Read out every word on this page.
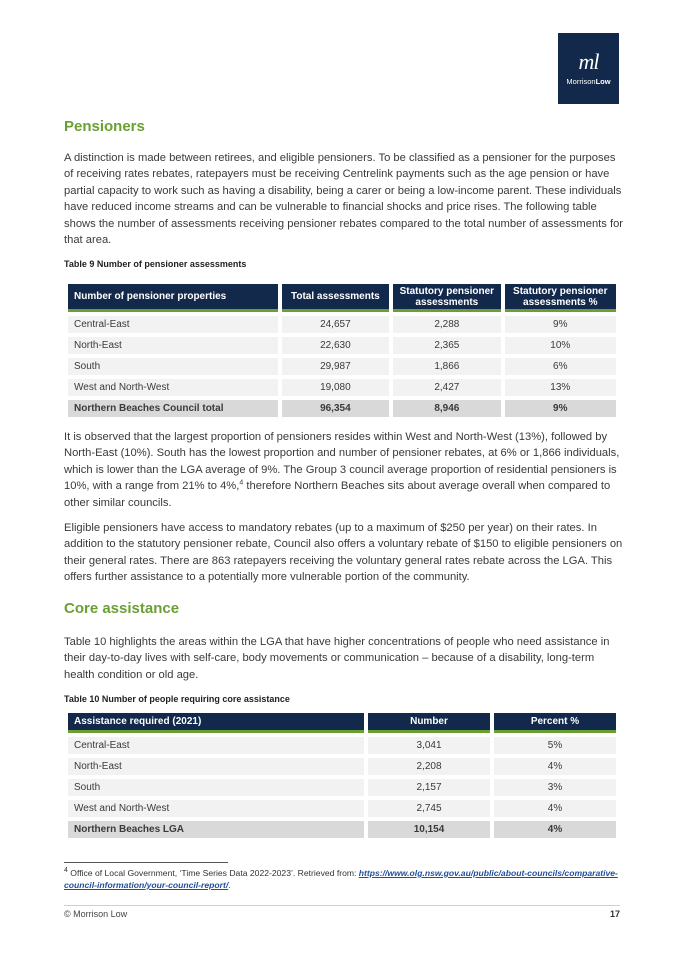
ml
MorrisonLow
Pensioners

A distinction is made between retirees, and eligible pensioners. To be classified as a pensioner for the purposes of receiving rates rebates, ratepayers must be receiving Centrelink payments such as the age pension or have partial capacity to work such as having a disability, being a carer or being a low-income parent. These individuals have reduced income streams and can be vulnerable to financial shocks and price rises. The following table shows the number of assessments receiving pensioner rebates compared to the total number of assessments for that area.

Table 9 Number of pensioner assessments
Number of pensioner properties	Total assessments	Statutory pensioner assessments	Statutory pensioner assessments %
Central-East	24,657	2,288	9%
North-East	22,630	2,365	10%
South	29,987	1,866	6%
West and North-West	19,080	2,427	13%
Northern Beaches Council total	96,354	8,946	9%

It is observed that the largest proportion of pensioners resides within West and North-West (13%), followed by North-East (10%). South has the lowest proportion and number of pensioner rebates, at 6% or 1,866 individuals, which is lower than the LGA average of 9%. The Group 3 council average proportion of residential pensioners is 10%, with a range from 21% to 4%,$^4$ therefore Northern Beaches sits about average overall when compared to other similar councils.

Eligible pensioners have access to mandatory rebates (up to a maximum of $250 per year) on their rates. In addition to the statutory pensioner rebate, Council also offers a voluntary rebate of $150 to eligible pensioners on their general rates. There are 863 ratepayers receiving the voluntary general rates rebate across the LGA. This offers further assistance to a potentially more vulnerable portion of the community.

Core assistance

Table 10 highlights the areas within the LGA that have higher concentrations of people who need assistance in their day-to-day lives with self-care, body movements or communication – because of a disability, long-term health condition or old age.

Table 10 Number of people requiring core assistance
Assistance required (2021)	Number	Percent %
Central-East	3,041	5%
North-East	2,208	4%
South	2,157	3%
West and North-West	2,745	4%
Northern Beaches LGA	10,154	4%

$^4$ Office of Local Government, ‘Time Series Data 2022-2023’. Retrieved from: https://www.olg.nsw.gov.au/public/about-councils/comparative-council-information/your-council-report/.

© Morrison Low	17
